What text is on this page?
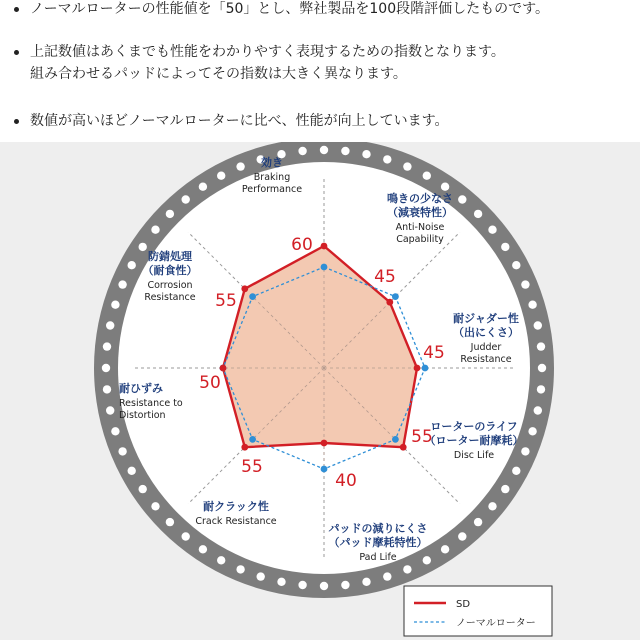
ノーマルローターの性能値を「50」とし、弊社製品を100段階評価したものです。
上記数値はあくまでも性能をわかりやすく表現するための指数となります。
組み合わせるパッドによってその指数は大きく異なります。
数値が高いほどノーマルローターに比べ、性能が向上しています。
60
45
45
55
40
55
50
55
効き
Braking
Performance
鳴きの少なさ
（減衰特性）
Anti-Noise
Capability
耐ジャダー性
（出にくさ）
Judder
Resistance
ローターのライフ
（ローター耐摩耗）
Disc Life
パッドの減りにくさ
（パッド摩耗特性）
Pad Life
耐クラック性
Crack Resistance
耐ひずみ
Resistance to
Distortion
防錆処理
（耐食性）
Corrosion
Resistance
SD
ノーマルローター
